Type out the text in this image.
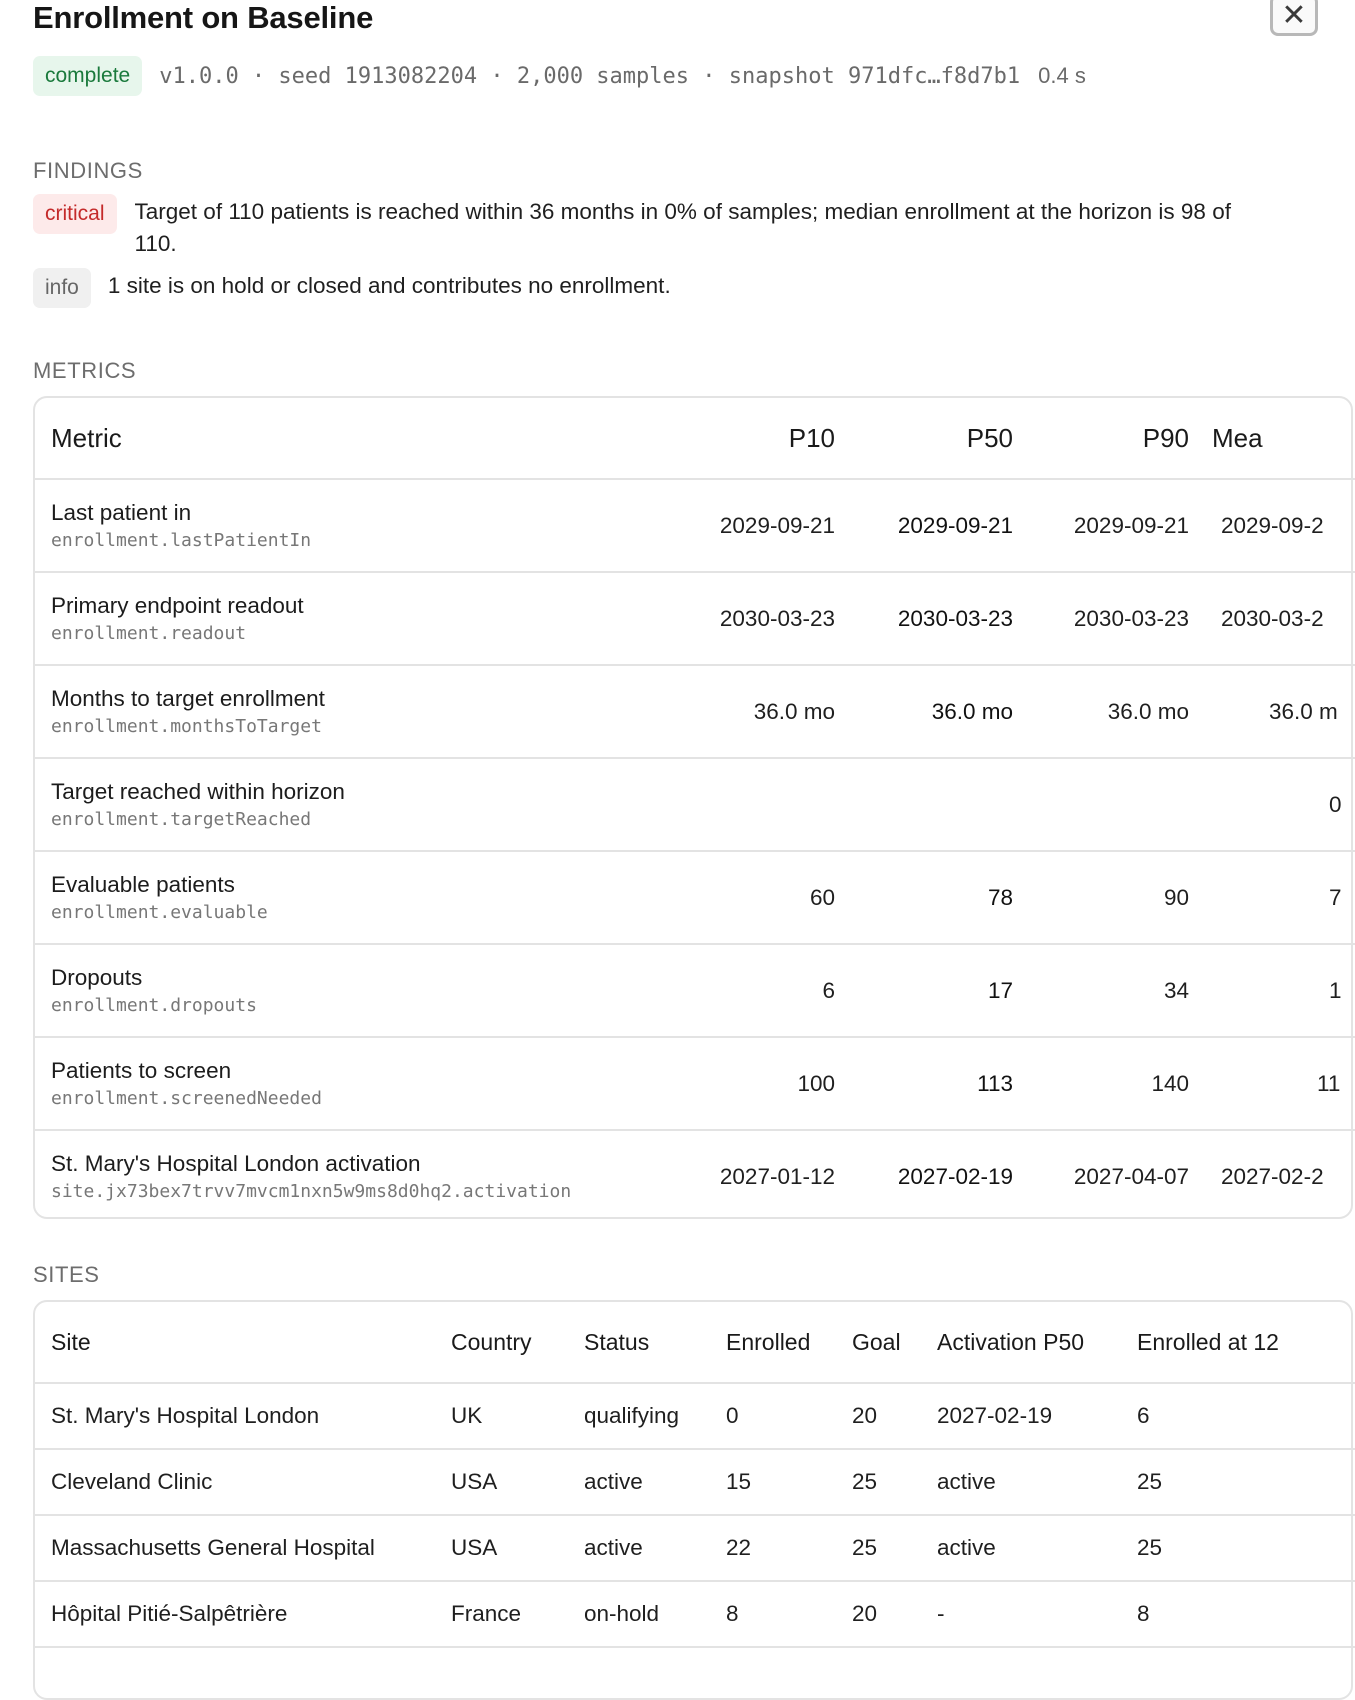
Enrollment on Baseline	✕
complete	v1.0.0 · seed 1913082204 · 2,000 samples · snapshot 971dfc…f8d7b1 0.4 s
FINDINGS
critical	Target of 110 patients is reached within 36 months in 0% of samples; median enrollment at the horizon is 98 of 110.
info	1 site is on hold or closed and contributes no enrollment.
METRICS
Metric	P10	P50	P90	Mea

Last patient in
enrollment.lastPatientIn	2029-09-21	2029-09-21	2029-09-21	2029-09-2

Primary endpoint readout
enrollment.readout	2030-03-23	2030-03-23	2030-03-23	2030-03-2

Months to target enrollment
enrollment.monthsToTarget	36.0 mo	36.0 mo	36.0 mo	36.0 m

Target reached within horizon
enrollment.targetReached				0

Evaluable patients
enrollment.evaluable	60	78	90	7

Dropouts
enrollment.dropouts	6	17	34	1

Patients to screen
enrollment.screenedNeeded	100	113	140	11

St. Mary's Hospital London activation
site.jx73bex7trvv7mvcm1nxn5w9ms8d0hq2.activation	2027-01-12	2027-02-19	2027-04-07	2027-02-2
SITES
Site	Country	Status	Enrolled	Goal	Activation P50	Enrolled at 12
St. Mary's Hospital London	UK	qualifying	0	20	2027-02-19	6
Cleveland Clinic	USA	active	15	25	active	25
Massachusetts General Hospital	USA	active	22	25	active	25
Hôpital Pitié-Salpêtrière	France	on-hold	8	20	-	8
